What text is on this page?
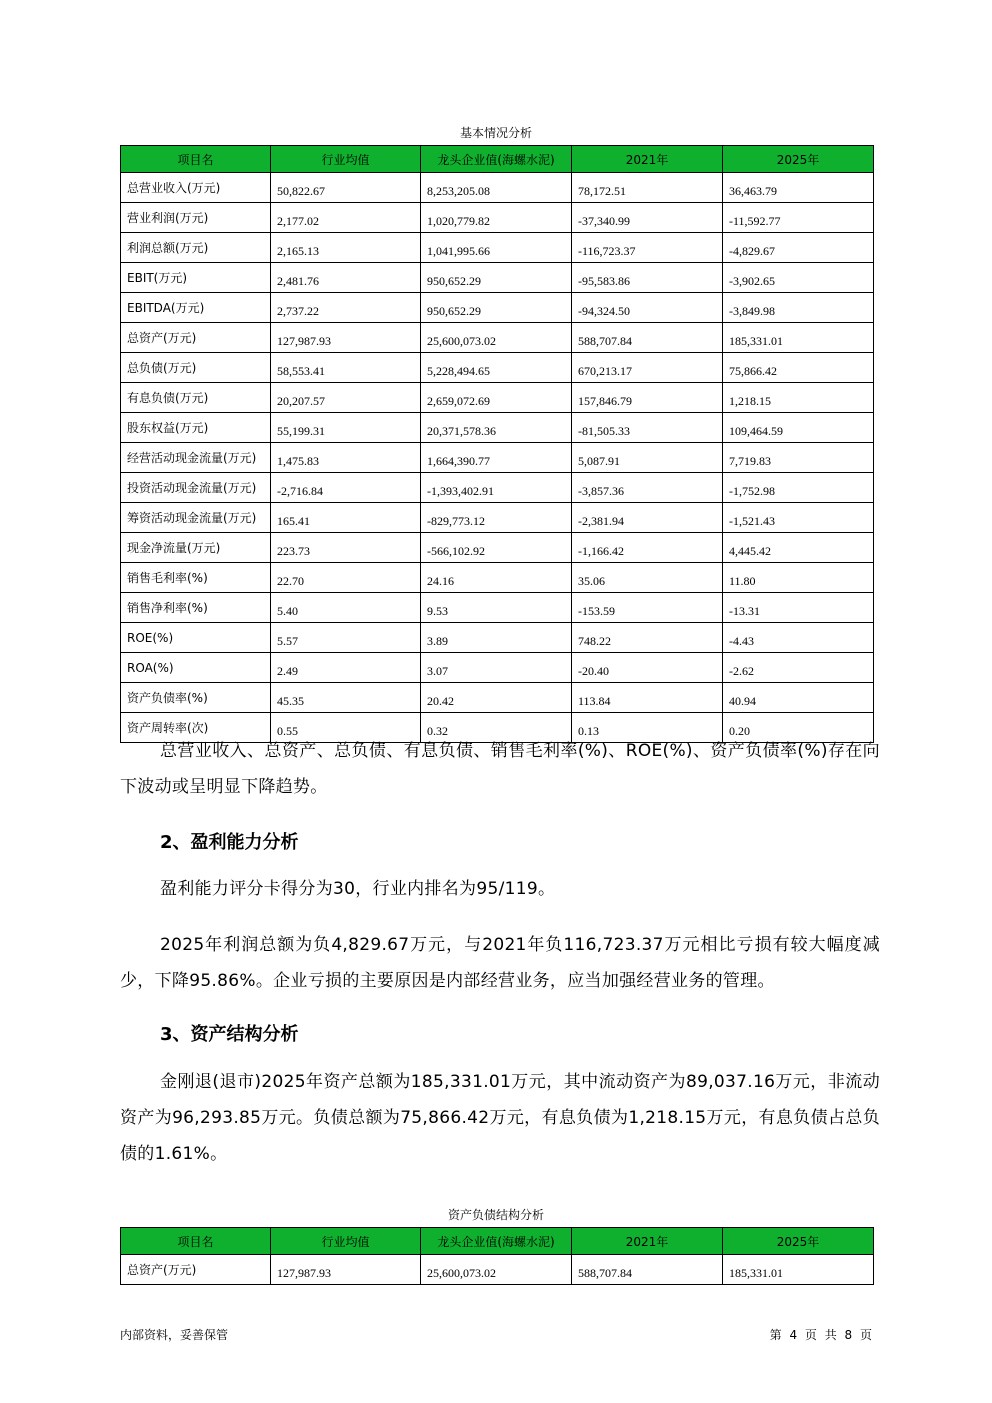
基本情况分析
项目名	行业均值	龙头企业值(海螺水泥)	2021年	2025年
总营业收入(万元)	50,822.67	8,253,205.08	78,172.51	36,463.79
营业利润(万元)	2,177.02	1,020,779.82	-37,340.99	-11,592.77
利润总额(万元)	2,165.13	1,041,995.66	-116,723.37	-4,829.67
EBIT(万元)	2,481.76	950,652.29	-95,583.86	-3,902.65
EBITDA(万元)	2,737.22	950,652.29	-94,324.50	-3,849.98
总资产(万元)	127,987.93	25,600,073.02	588,707.84	185,331.01
总负债(万元)	58,553.41	5,228,494.65	670,213.17	75,866.42
有息负债(万元)	20,207.57	2,659,072.69	157,846.79	1,218.15
股东权益(万元)	55,199.31	20,371,578.36	-81,505.33	109,464.59
经营活动现金流量(万元)	1,475.83	1,664,390.77	5,087.91	7,719.83
投资活动现金流量(万元)	-2,716.84	-1,393,402.91	-3,857.36	-1,752.98
筹资活动现金流量(万元)	165.41	-829,773.12	-2,381.94	-1,521.43
现金净流量(万元)	223.73	-566,102.92	-1,166.42	4,445.42
销售毛利率(%)	22.70	24.16	35.06	11.80
销售净利率(%)	5.40	9.53	-153.59	-13.31
ROE(%)	5.57	3.89	748.22	-4.43
ROA(%)	2.49	3.07	-20.40	-2.62
资产负债率(%)	45.35	20.42	113.84	40.94
资产周转率(次)	0.55	0.32	0.13	0.20
总营业收入、总资产、总负债、有息负债、销售毛利率(%)、ROE(%)、资产负债率(%)存在向下波动或呈明显下降趋势。
2、盈利能力分析
盈利能力评分卡得分为30，行业内排名为95/119。
2025年利润总额为负4,829.67万元，与2021年负116,723.37万元相比亏损有较大幅度减少，下降95.86%。企业亏损的主要原因是内部经营业务，应当加强经营业务的管理。
3、资产结构分析
金刚退(退市)2025年资产总额为185,331.01万元，其中流动资产为89,037.16万元，非流动资产为96,293.85万元。负债总额为75,866.42万元，有息负债为1,218.15万元，有息负债占总负债的1.61%。
资产负债结构分析
项目名	行业均值	龙头企业值(海螺水泥)	2021年	2025年
总资产(万元)	127,987.93	25,600,073.02	588,707.84	185,331.01
内部资料，妥善保管	第 4 页 共 8 页
